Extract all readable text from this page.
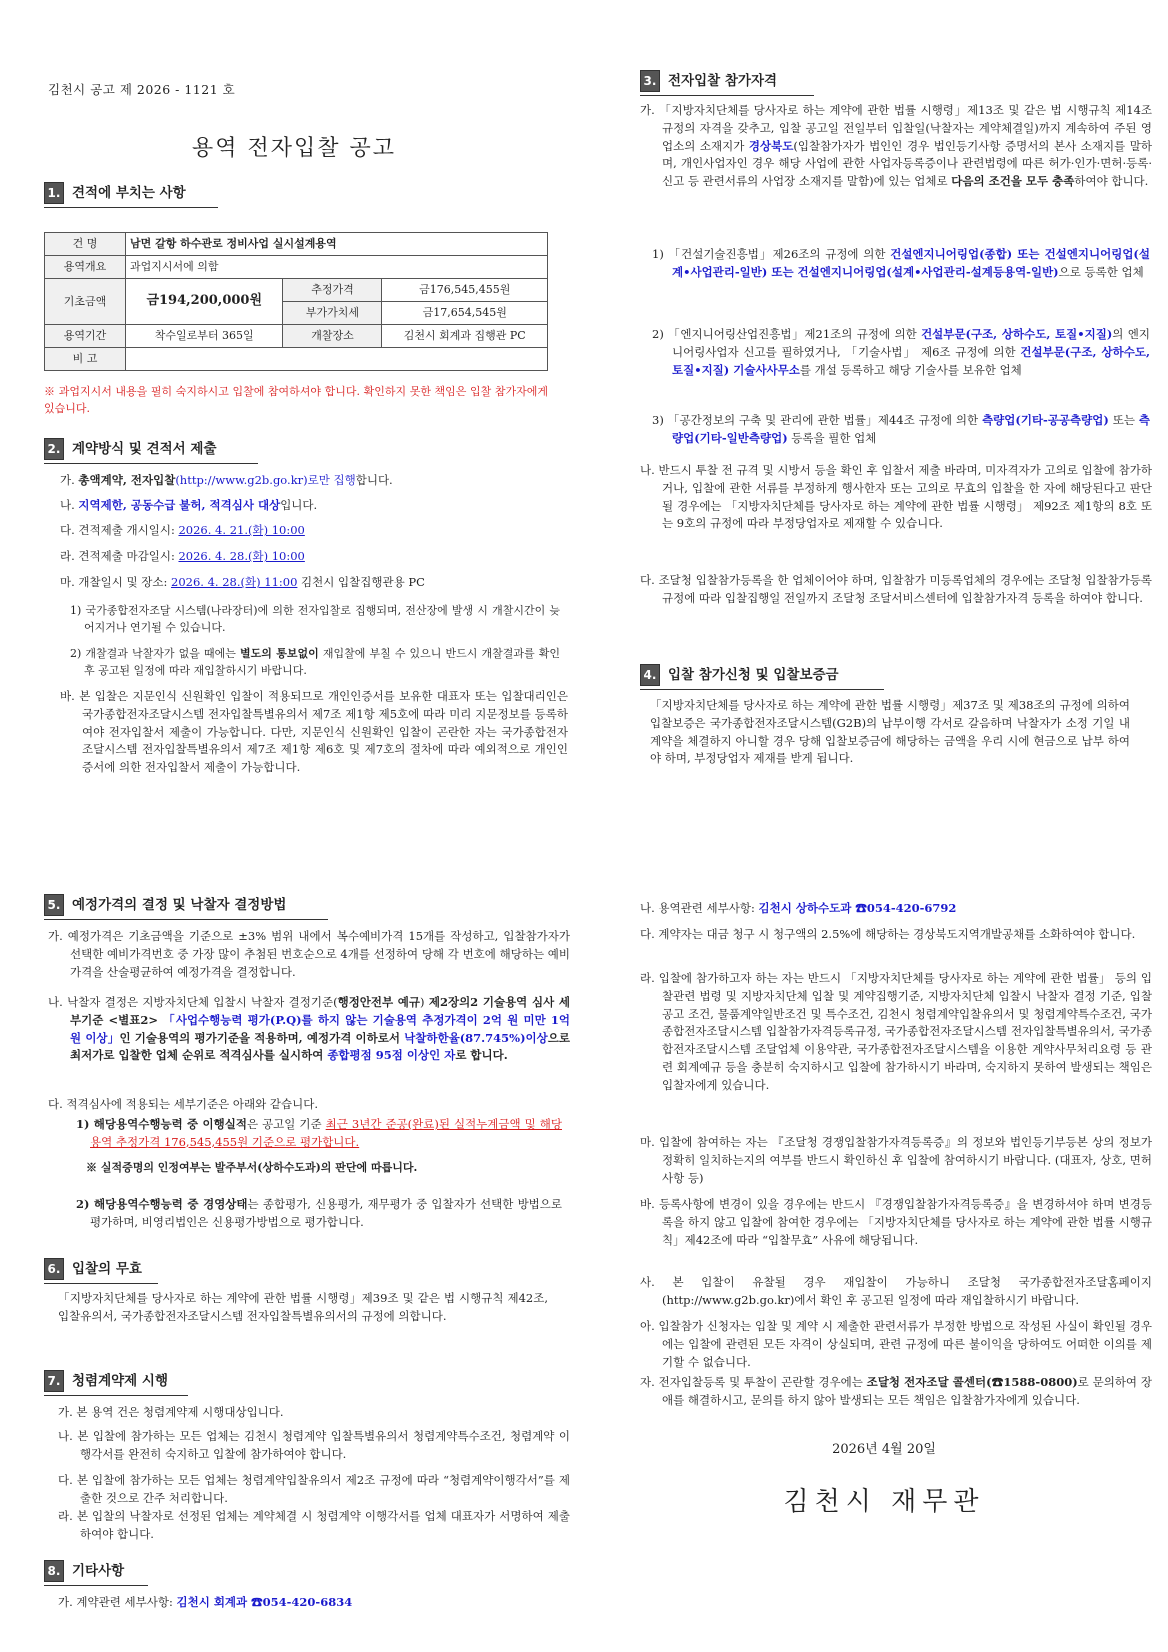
김천시 공고 제 2026 - 1121 호
용역 전자입찰 공고
1. 견적에 부치는 사항
건 명	남면 갈항 하수관로 정비사업 실시설계용역		
용역개요	과업지시서에 의함		
기초금액	금194,200,000원	추정가격	금176,545,455원
		부가가치세	금17,654,545원
용역기간	착수일로부터 365일	개찰장소	김천시 회계과 집행관 PC
비 고			
※ 과업지시서 내용을 필히 숙지하시고 입찰에 참여하셔야 합니다. 확인하지 못한 책임은 입찰 참가자에게 있습니다.
2. 계약방식 및 견적서 제출
가. 총액계약, 전자입찰(http://www.g2b.go.kr)로만 집행합니다.
나. 지역제한, 공동수급 불허, 적격심사 대상입니다.
다. 견적제출 개시일시: 2026. 4. 21.(화) 10:00
라. 견적제출 마감일시: 2026. 4. 28.(화) 10:00
마. 개찰일시 및 장소: 2026. 4. 28.(화) 11:00 김천시 입찰집행관용 PC
1) 국가종합전자조달 시스템(나라장터)에 의한 전자입찰로 집행되며, 전산장에 발생 시 개찰시간이 늦어지거나 연기될 수 있습니다.
2) 개찰결과 낙찰자가 없을 때에는 별도의 통보없이 재입찰에 부칠 수 있으니 반드시 개찰결과를 확인 후 공고된 일정에 따라 재입찰하시기 바랍니다.
바. 본 입찰은 지문인식 신원확인 입찰이 적용되므로 개인인증서를 보유한 대표자 또는 입찰대리인은 국가종합전자조달시스템 전자입찰특별유의서 제7조 제1항 제5호에 따라 미리 지문정보를 등록하여야 전자입찰서 제출이 가능합니다. 다만, 지문인식 신원확인 입찰이 곤란한 자는 국가종합전자조달시스템 전자입찰특별유의서 제7조 제1항 제6호 및 제7호의 절차에 따라 예외적으로 개인인증서에 의한 전자입찰서 제출이 가능합니다.
3. 전자입찰 참가자격
가. 「지방자치단체를 당사자로 하는 계약에 관한 법률 시행령」제13조 및 같은 법 시행규칙 제14조 규정의 자격을 갖추고, 입찰 공고일 전일부터 입찰일(낙찰자는 계약체결일)까지 계속하여 주된 영업소의 소재지가 경상북도(입찰참가자가 법인인 경우 법인등기사항 증명서의 본사 소재지를 말하며, 개인사업자인 경우 해당 사업에 관한 사업자등록증이나 관련법령에 따른 허가·인가·면허·등록·신고 등 관련서류의 사업장 소재지를 말함)에 있는 업체로 다음의 조건을 모두 충족하여야 합니다.
1) 「건설기술진흥법」제26조의 규정에 의한 건설엔지니어링업(종합) 또는 건설엔지니어링업(설계•사업관리-일반) 또는 건설엔지니어링업(설계•사업관리-설계등용역-일반)으로 등록한 업체
2) 「엔지니어링산업진흥법」제21조의 규정에 의한 건설부문(구조, 상하수도, 토질•지질)의 엔지니어링사업자 신고를 필하였거나, 「기술사법」 제6조 규정에 의한 건설부문(구조, 상하수도, 토질•지질) 기술사사무소를 개설 등록하고 해당 기술사를 보유한 업체
3) 「공간정보의 구축 및 관리에 관한 법률」제44조 규정에 의한 측량업(기타-공공측량업) 또는 측량업(기타-일반측량업) 등록을 필한 업체
나. 반드시 투찰 전 규격 및 시방서 등을 확인 후 입찰서 제출 바라며, 미자격자가 고의로 입찰에 참가하거나, 입찰에 관한 서류를 부정하게 행사한자 또는 고의로 무효의 입찰을 한 자에 해당된다고 판단될 경우에는 「지방자치단체를 당사자로 하는 계약에 관한 법률 시행령」 제92조 제1항의 8호 또는 9호의 규정에 따라 부정당업자로 제재할 수 있습니다.
다. 조달청 입찰참가등록을 한 업체이어야 하며, 입찰참가 미등록업체의 경우에는 조달청 입찰참가등록규정에 따라 입찰집행일 전일까지 조달청 조달서비스센터에 입찰참가자격 등록을 하여야 합니다.
4. 입찰 참가신청 및 입찰보증금
「지방자치단체를 당사자로 하는 계약에 관한 법률 시행령」제37조 및 제38조의 규정에 의하여 입찰보증은 국가종합전자조달시스템(G2B)의 납부이행 각서로 갈음하며 낙찰자가 소정 기일 내 계약을 체결하지 아니할 경우 당해 입찰보증금에 해당하는 금액을 우리 시에 현금으로 납부 하여야 하며, 부정당업자 제재를 받게 됩니다.
5. 예정가격의 결정 및 낙찰자 결정방법
가. 예정가격은 기초금액을 기준으로 ±3% 범위 내에서 복수예비가격 15개를 작성하고, 입찰참가자가 선택한 예비가격번호 중 가장 많이 추첨된 번호순으로 4개를 선정하여 당해 각 번호에 해당하는 예비가격을 산술평균하여 예정가격을 결정합니다.
나. 낙찰자 결정은 지방자치단체 입찰시 낙찰자 결정기준(행정안전부 예규) 제2장의2 기술용역 심사 세부기준 <별표2> 「사업수행능력 평가(P.Q)를 하지 않는 기술용역 추정가격이 2억 원 미만 1억 원 이상」인 기술용역의 평가기준을 적용하며, 예정가격 이하로서 낙찰하한율(87.745%)이상으로 최저가로 입찰한 업체 순위로 적격심사를 실시하여 종합평점 95점 이상인 자로 합니다.
다. 적격심사에 적용되는 세부기준은 아래와 같습니다.
1) 해당용역수행능력 중 이행실적은 공고일 기준 최근 3년간 준공(완료)된 실적누계금액 및 해당 용역 추정가격 176,545,455원 기준으로 평가합니다.
※ 실적증명의 인정여부는 발주부서(상하수도과)의 판단에 따릅니다.
2) 해당용역수행능력 중 경영상태는 종합평가, 신용평가, 재무평가 중 입찰자가 선택한 방법으로 평가하며, 비영리법인은 신용평가방법으로 평가합니다.
6. 입찰의 무효
「지방자치단체를 당사자로 하는 계약에 관한 법률 시행령」제39조 및 같은 법 시행규칙 제42조, 입찰유의서, 국가종합전자조달시스템 전자입찰특별유의서의 규정에 의합니다.
7. 청렴계약제 시행
가. 본 용역 건은 청렴계약제 시행대상입니다.
나. 본 입찰에 참가하는 모든 업체는 김천시 청렴계약 입찰특별유의서 청렴계약특수조건, 청렴계약 이행각서를 완전히 숙지하고 입찰에 참가하여야 합니다.
다. 본 입찰에 참가하는 모든 업체는 청렴계약입찰유의서 제2조 규정에 따라 “청렴계약이행각서”를 제출한 것으로 간주 처리합니다.
라. 본 입찰의 낙찰자로 선정된 업체는 계약체결 시 청렴계약 이행각서를 업체 대표자가 서명하여 제출하여야 합니다.
8. 기타사항
가. 계약관련 세부사항: 김천시 회계과 ☎054-420-6834
나. 용역관련 세부사항: 김천시 상하수도과 ☎054-420-6792
다. 계약자는 대금 청구 시 청구액의 2.5%에 해당하는 경상북도지역개발공채를 소화하여야 합니다.
라. 입찰에 참가하고자 하는 자는 반드시 「지방자치단체를 당사자로 하는 계약에 관한 법률」 등의 입찰관련 법령 및 지방자치단체 입찰 및 계약집행기준, 지방자치단체 입찰시 낙찰자 결정 기준, 입찰공고 조건, 물품계약일반조건 및 특수조건, 김천시 청렴계약입찰유의서 및 청렴계약특수조건, 국가종합전자조달시스템 입찰참가자격등록규정, 국가종합전자조달시스템 전자입찰특별유의서, 국가종합전자조달시스템 조달업체 이용약관, 국가종합전자조달시스템을 이용한 계약사무처리요령 등 관련 회계예규 등을 충분히 숙지하시고 입찰에 참가하시기 바라며, 숙지하지 못하여 발생되는 책임은 입찰자에게 있습니다.
마. 입찰에 참여하는 자는 『조달청 경쟁입찰참가자격등록증』의 정보와 법인등기부등본 상의 정보가 정확히 일치하는지의 여부를 반드시 확인하신 후 입찰에 참여하시기 바랍니다. (대표자, 상호, 면허사항 등)
바. 등록사항에 변경이 있을 경우에는 반드시 『경쟁입찰참가자격등록증』을 변경하셔야 하며 변경등록을 하지 않고 입찰에 참여한 경우에는 「지방자치단체를 당사자로 하는 계약에 관한 법률 시행규칙」제42조에 따라 “입찰무효” 사유에 해당됩니다.
사. 본 입찰이 유찰될 경우 재입찰이 가능하니 조달청 국가종합전자조달홈페이지(http://www.g2b.go.kr)에서 확인 후 공고된 일정에 따라 재입찰하시기 바랍니다.
아. 입찰참가 신청자는 입찰 및 계약 시 제출한 관련서류가 부정한 방법으로 작성된 사실이 확인될 경우에는 입찰에 관련된 모든 자격이 상실되며, 관련 규정에 따른 불이익을 당하여도 어떠한 이의를 제기할 수 없습니다.
자. 전자입찰등록 및 투찰이 곤란할 경우에는 조달청 전자조달 콜센터(☎1588-0800)로 문의하여 장애를 해결하시고, 문의를 하지 않아 발생되는 모든 책임은 입찰참가자에게 있습니다.
2026년 4월 20일
김천시 재무관
